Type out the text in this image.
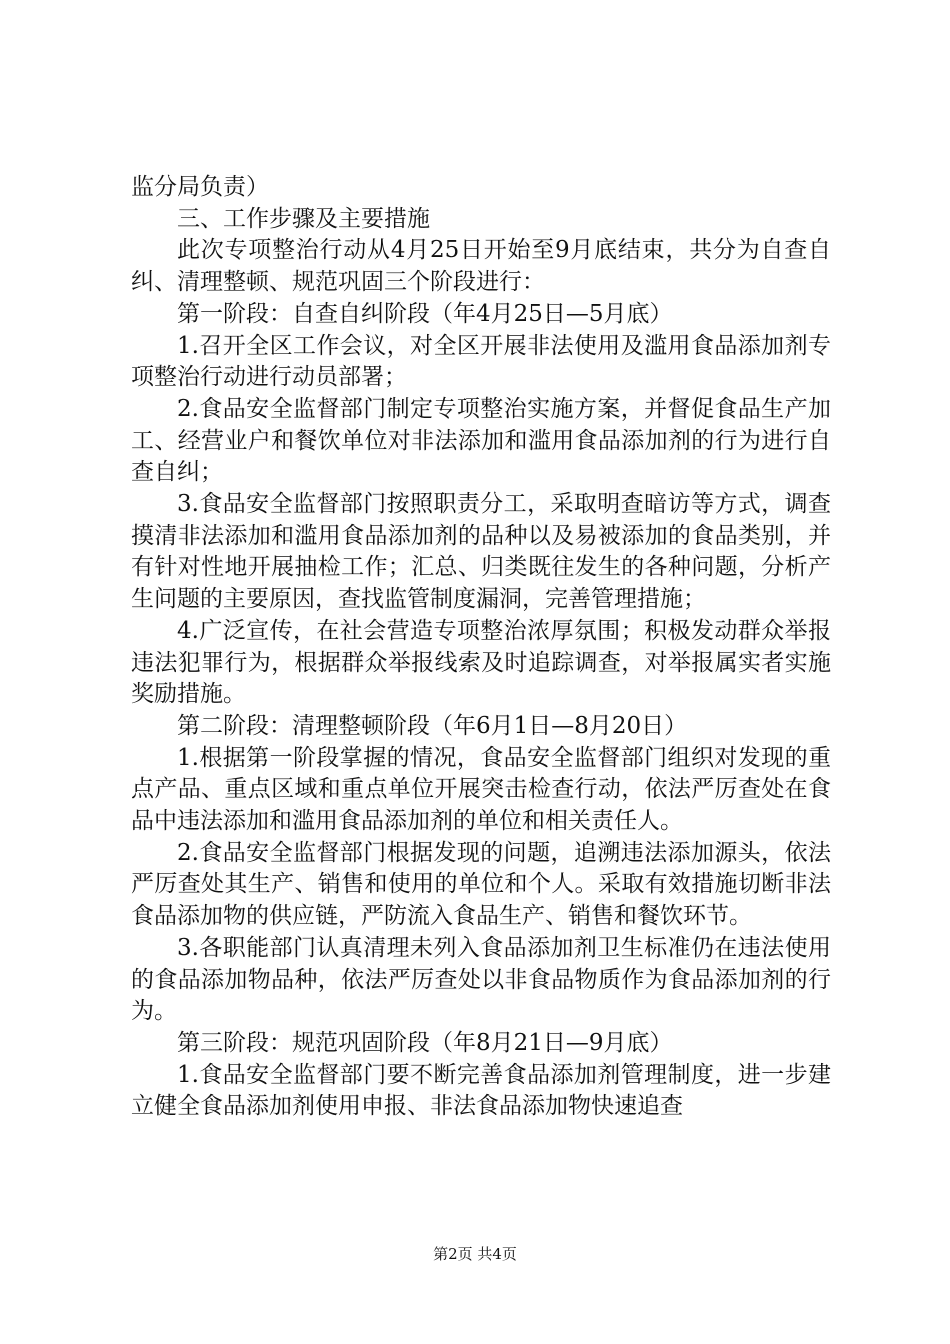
监分局负责）

三、工作步骤及主要措施

此次专项整治行动从4月25日开始至9月底结束，共分为自查自纠、清理整顿、规范巩固三个阶段进行：

第一阶段：自查自纠阶段（年4月25日—5月底）

1.召开全区工作会议，对全区开展非法使用及滥用食品添加剂专项整治行动进行动员部署；

2.食品安全监督部门制定专项整治实施方案，并督促食品生产加工、经营业户和餐饮单位对非法添加和滥用食品添加剂的行为进行自查自纠；

3.食品安全监督部门按照职责分工，采取明查暗访等方式，调查摸清非法添加和滥用食品添加剂的品种以及易被添加的食品类别，并有针对性地开展抽检工作；汇总、归类既往发生的各种问题，分析产生问题的主要原因，查找监管制度漏洞，完善管理措施；

4.广泛宣传，在社会营造专项整治浓厚氛围；积极发动群众举报违法犯罪行为，根据群众举报线索及时追踪调查，对举报属实者实施奖励措施。

第二阶段：清理整顿阶段（年6月1日—8月20日）

1.根据第一阶段掌握的情况，食品安全监督部门组织对发现的重点产品、重点区域和重点单位开展突击检查行动，依法严厉查处在食品中违法添加和滥用食品添加剂的单位和相关责任人。

2.食品安全监督部门根据发现的问题，追溯违法添加源头，依法严厉查处其生产、销售和使用的单位和个人。采取有效措施切断非法食品添加物的供应链，严防流入食品生产、销售和餐饮环节。

3.各职能部门认真清理未列入食品添加剂卫生标准仍在违法使用的食品添加物品种，依法严厉查处以非食品物质作为食品添加剂的行为。

第三阶段：规范巩固阶段（年8月21日—9月底）

1.食品安全监督部门要不断完善食品添加剂管理制度，进一步建立健全食品添加剂使用申报、非法食品添加物快速追查

第2页 共4页
